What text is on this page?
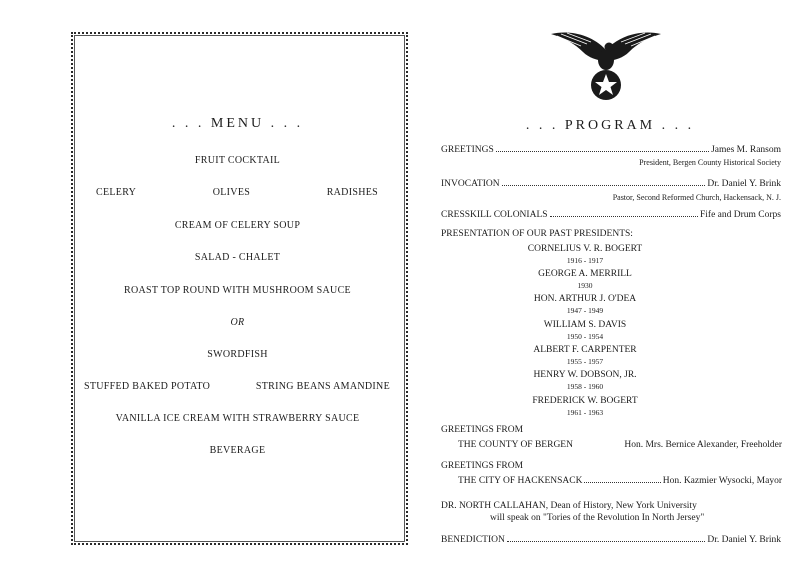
. . . MENU . . .
FRUIT COCKTAIL
CELERY	OLIVES	RADISHES
CREAM OF CELERY SOUP
SALAD - CHALET
ROAST TOP ROUND WITH MUSHROOM SAUCE
OR
SWORDFISH
STUFFED BAKED POTATO	STRING BEANS AMANDINE
VANILLA ICE CREAM WITH STRAWBERRY SAUCE
BEVERAGE
. . . PROGRAM . . .
GREETINGS	James M. Ransom
President, Bergen County Historical Society
INVOCATION	Dr. Daniel Y. Brink
Pastor, Second Reformed Church, Hackensack, N. J.
CRESSKILL COLONIALS	Fife and Drum Corps
PRESENTATION OF OUR PAST PRESIDENTS:
CORNELIUS V. R. BOGERT
1916 - 1917
GEORGE A. MERRILL
1930
HON. ARTHUR J. O'DEA
1947 - 1949
WILLIAM S. DAVIS
1950 - 1954
ALBERT F. CARPENTER
1955 - 1957
HENRY W. DOBSON, JR.
1958 - 1960
FREDERICK W. BOGERT
1961 - 1963
GREETINGS FROM
THE COUNTY OF BERGEN	Hon. Mrs. Bernice Alexander, Freeholder
GREETINGS FROM
THE CITY OF HACKENSACK	Hon. Kazmier Wysocki, Mayor
DR. NORTH CALLAHAN, Dean of History, New York University
will speak on "Tories of the Revolution In North Jersey"
BENEDICTION	Dr. Daniel Y. Brink
